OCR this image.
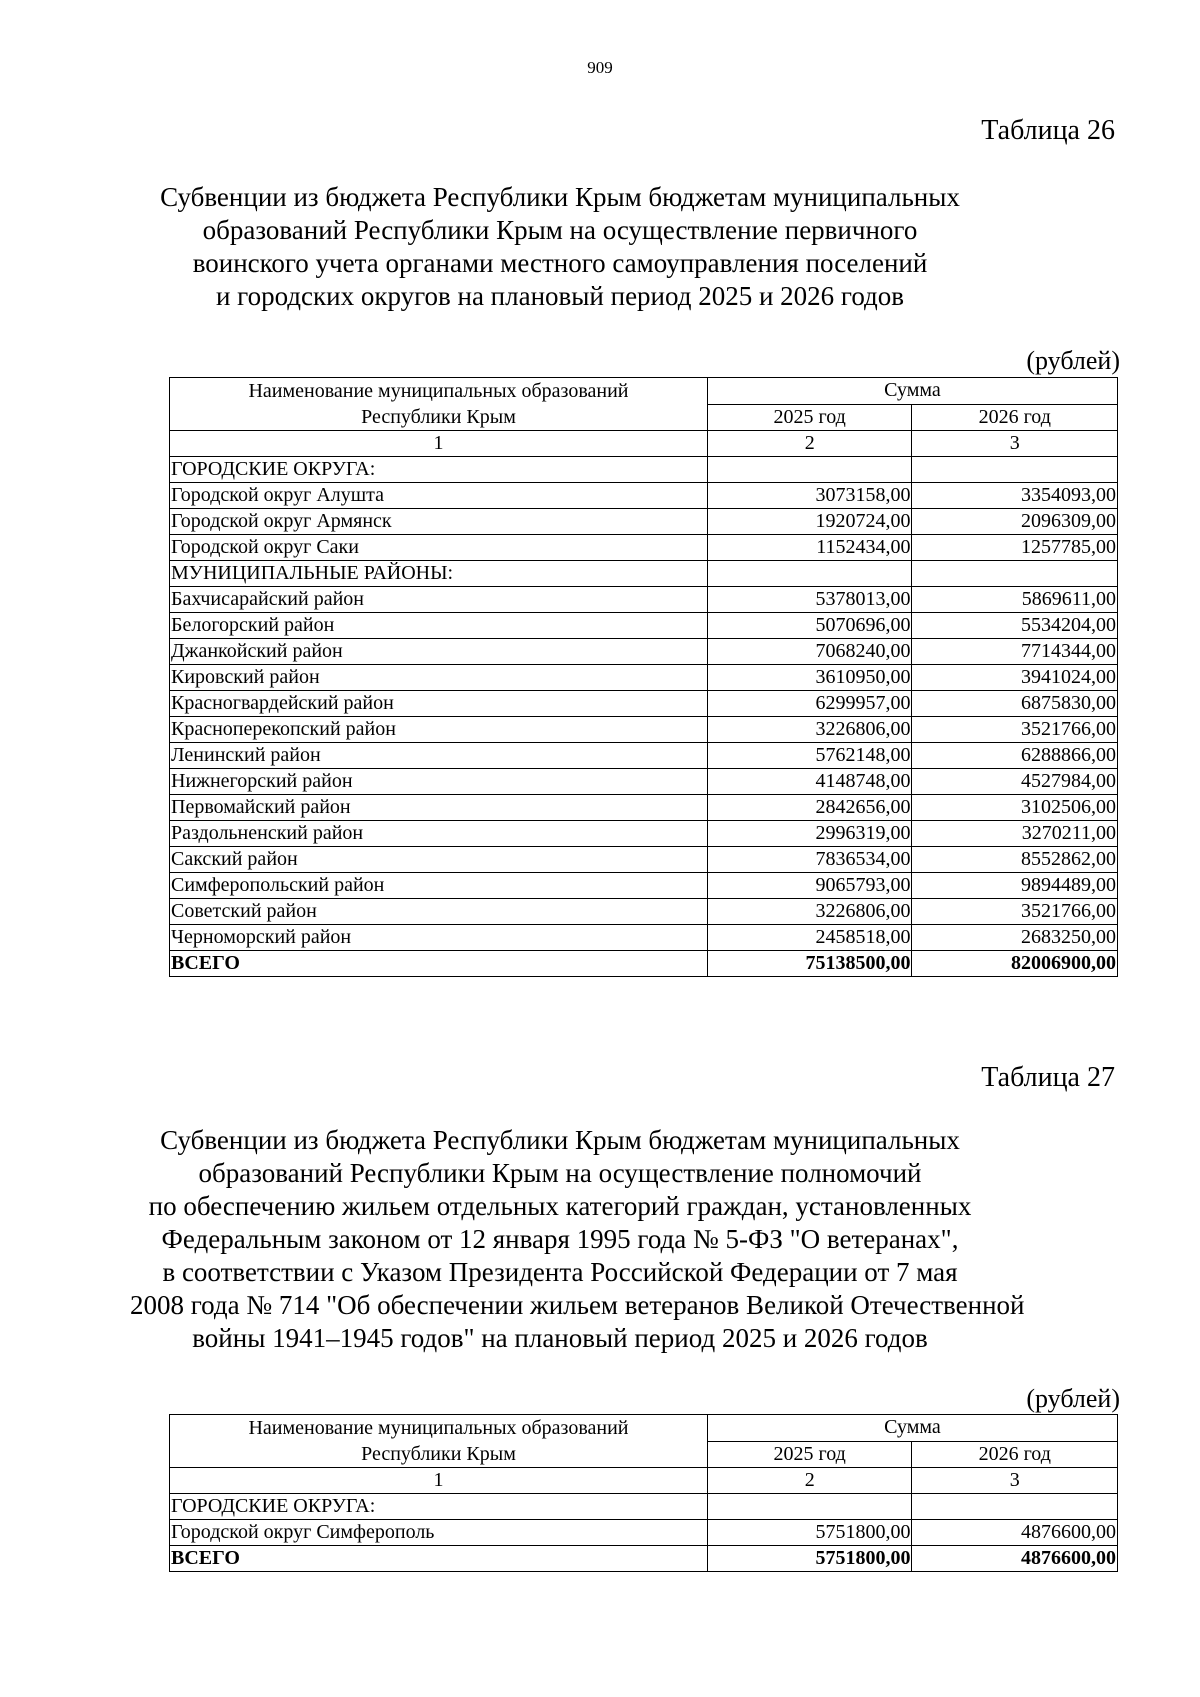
909
Таблица 26
Субвенции из бюджета Республики Крым бюджетам муниципальных
образований Республики Крым на осуществление первичного
воинского учета органами местного самоуправления поселений
и городских округов на плановый период 2025 и 2026 годов
(рублей)
Наименование муниципальных образований
Республики Крым	Сумма	
	2025 год	2026 год
1	2	3
ГОРОДСКИЕ ОКРУГА:		
Городской округ Алушта	3073158,00	3354093,00
Городской округ Армянск	1920724,00	2096309,00
Городской округ Саки	1152434,00	1257785,00
МУНИЦИПАЛЬНЫЕ РАЙОНЫ:		
Бахчисарайский район	5378013,00	5869611,00
Белогорский район	5070696,00	5534204,00
Джанкойский район	7068240,00	7714344,00
Кировский район	3610950,00	3941024,00
Красногвардейский район	6299957,00	6875830,00
Красноперекопский район	3226806,00	3521766,00
Ленинский район	5762148,00	6288866,00
Нижнегорский район	4148748,00	4527984,00
Первомайский район	2842656,00	3102506,00
Раздольненский район	2996319,00	3270211,00
Сакский район	7836534,00	8552862,00
Симферопольский район	9065793,00	9894489,00
Советский район	3226806,00	3521766,00
Черноморский район	2458518,00	2683250,00
ВСЕГО	75138500,00	82006900,00
Таблица 27
Субвенции из бюджета Республики Крым бюджетам муниципальных
образований Республики Крым на осуществление полномочий
по обеспечению жильем отдельных категорий граждан, установленных
Федеральным законом от 12 января 1995 года № 5-ФЗ "О ветеранах",
в соответствии с Указом Президента Российской Федерации от 7 мая
2008 года № 714 "Об обеспечении жильем ветеранов Великой Отечественной
войны 1941–1945 годов" на плановый период 2025 и 2026 годов
(рублей)
Наименование муниципальных образований
Республики Крым	Сумма	
	2025 год	2026 год
1	2	3
ГОРОДСКИЕ ОКРУГА:		
Городской округ Симферополь	5751800,00	4876600,00
ВСЕГО	5751800,00	4876600,00
